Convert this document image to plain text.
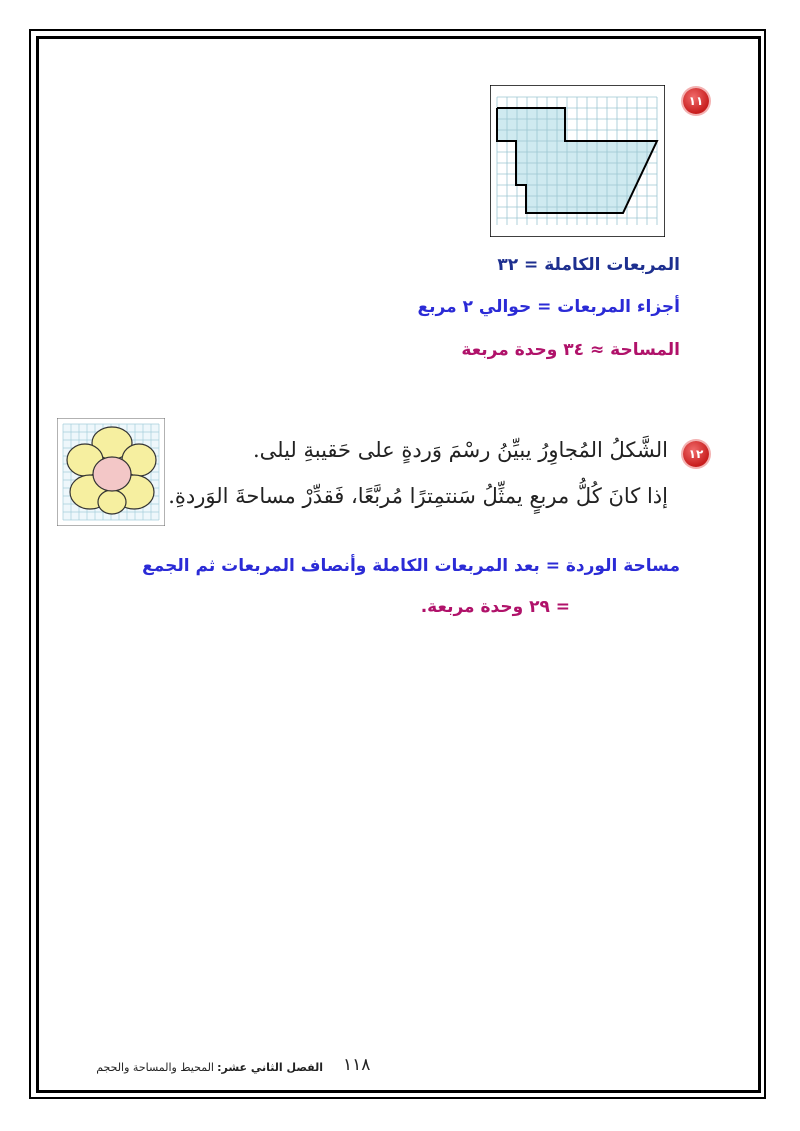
١١
المربعات الكاملة = ٣٢
أجزاء المربعات = حوالي ٢ مربع
المساحة ≈ ٣٤ وحدة مربعة
١٢
الشَّكلُ المُجاوِرُ يبيِّنُ رسْمَ وَردةٍ على حَقيبةِ ليلى.
إذا كانَ كُلُّ مربعٍ يمثِّلُ سَنتمِترًا مُربَّعًا، فَقدِّرْ مساحةَ الوَردةِ.
مساحة الوردة = بعد المربعات الكاملة وأنصاف المربعات ثم الجمع
= ٢٩ وحدة مربعة.
١١٨
الفصل الثاني عشر:
المحيط والمساحة والحجم
